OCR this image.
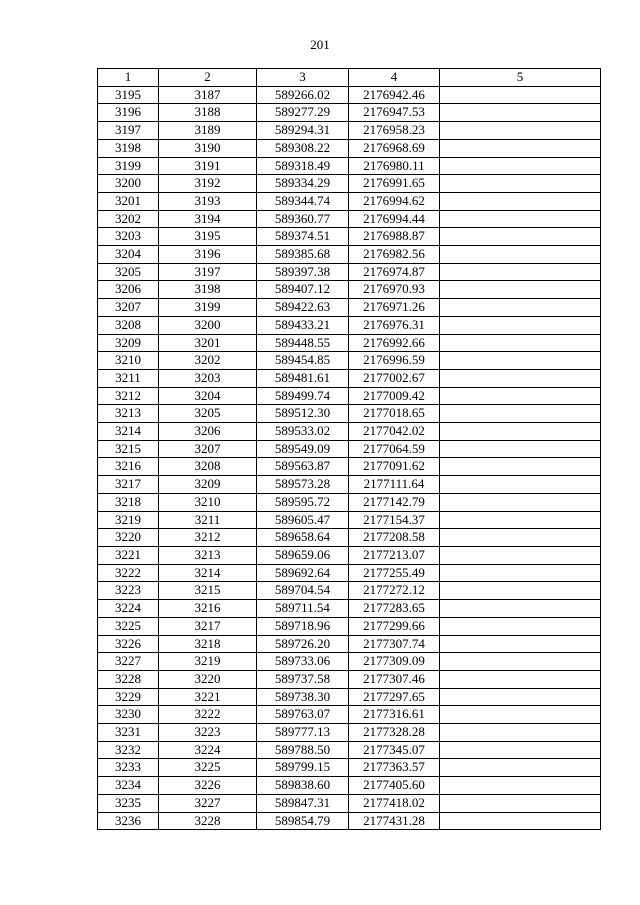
201
1	2	3	4	5
3195	3187	589266.02	2176942.46	
3196	3188	589277.29	2176947.53	
3197	3189	589294.31	2176958.23	
3198	3190	589308.22	2176968.69	
3199	3191	589318.49	2176980.11	
3200	3192	589334.29	2176991.65	
3201	3193	589344.74	2176994.62	
3202	3194	589360.77	2176994.44	
3203	3195	589374.51	2176988.87	
3204	3196	589385.68	2176982.56	
3205	3197	589397.38	2176974.87	
3206	3198	589407.12	2176970.93	
3207	3199	589422.63	2176971.26	
3208	3200	589433.21	2176976.31	
3209	3201	589448.55	2176992.66	
3210	3202	589454.85	2176996.59	
3211	3203	589481.61	2177002.67	
3212	3204	589499.74	2177009.42	
3213	3205	589512.30	2177018.65	
3214	3206	589533.02	2177042.02	
3215	3207	589549.09	2177064.59	
3216	3208	589563.87	2177091.62	
3217	3209	589573.28	2177111.64	
3218	3210	589595.72	2177142.79	
3219	3211	589605.47	2177154.37	
3220	3212	589658.64	2177208.58	
3221	3213	589659.06	2177213.07	
3222	3214	589692.64	2177255.49	
3223	3215	589704.54	2177272.12	
3224	3216	589711.54	2177283.65	
3225	3217	589718.96	2177299.66	
3226	3218	589726.20	2177307.74	
3227	3219	589733.06	2177309.09	
3228	3220	589737.58	2177307.46	
3229	3221	589738.30	2177297.65	
3230	3222	589763.07	2177316.61	
3231	3223	589777.13	2177328.28	
3232	3224	589788.50	2177345.07	
3233	3225	589799.15	2177363.57	
3234	3226	589838.60	2177405.60	
3235	3227	589847.31	2177418.02	
3236	3228	589854.79	2177431.28	
